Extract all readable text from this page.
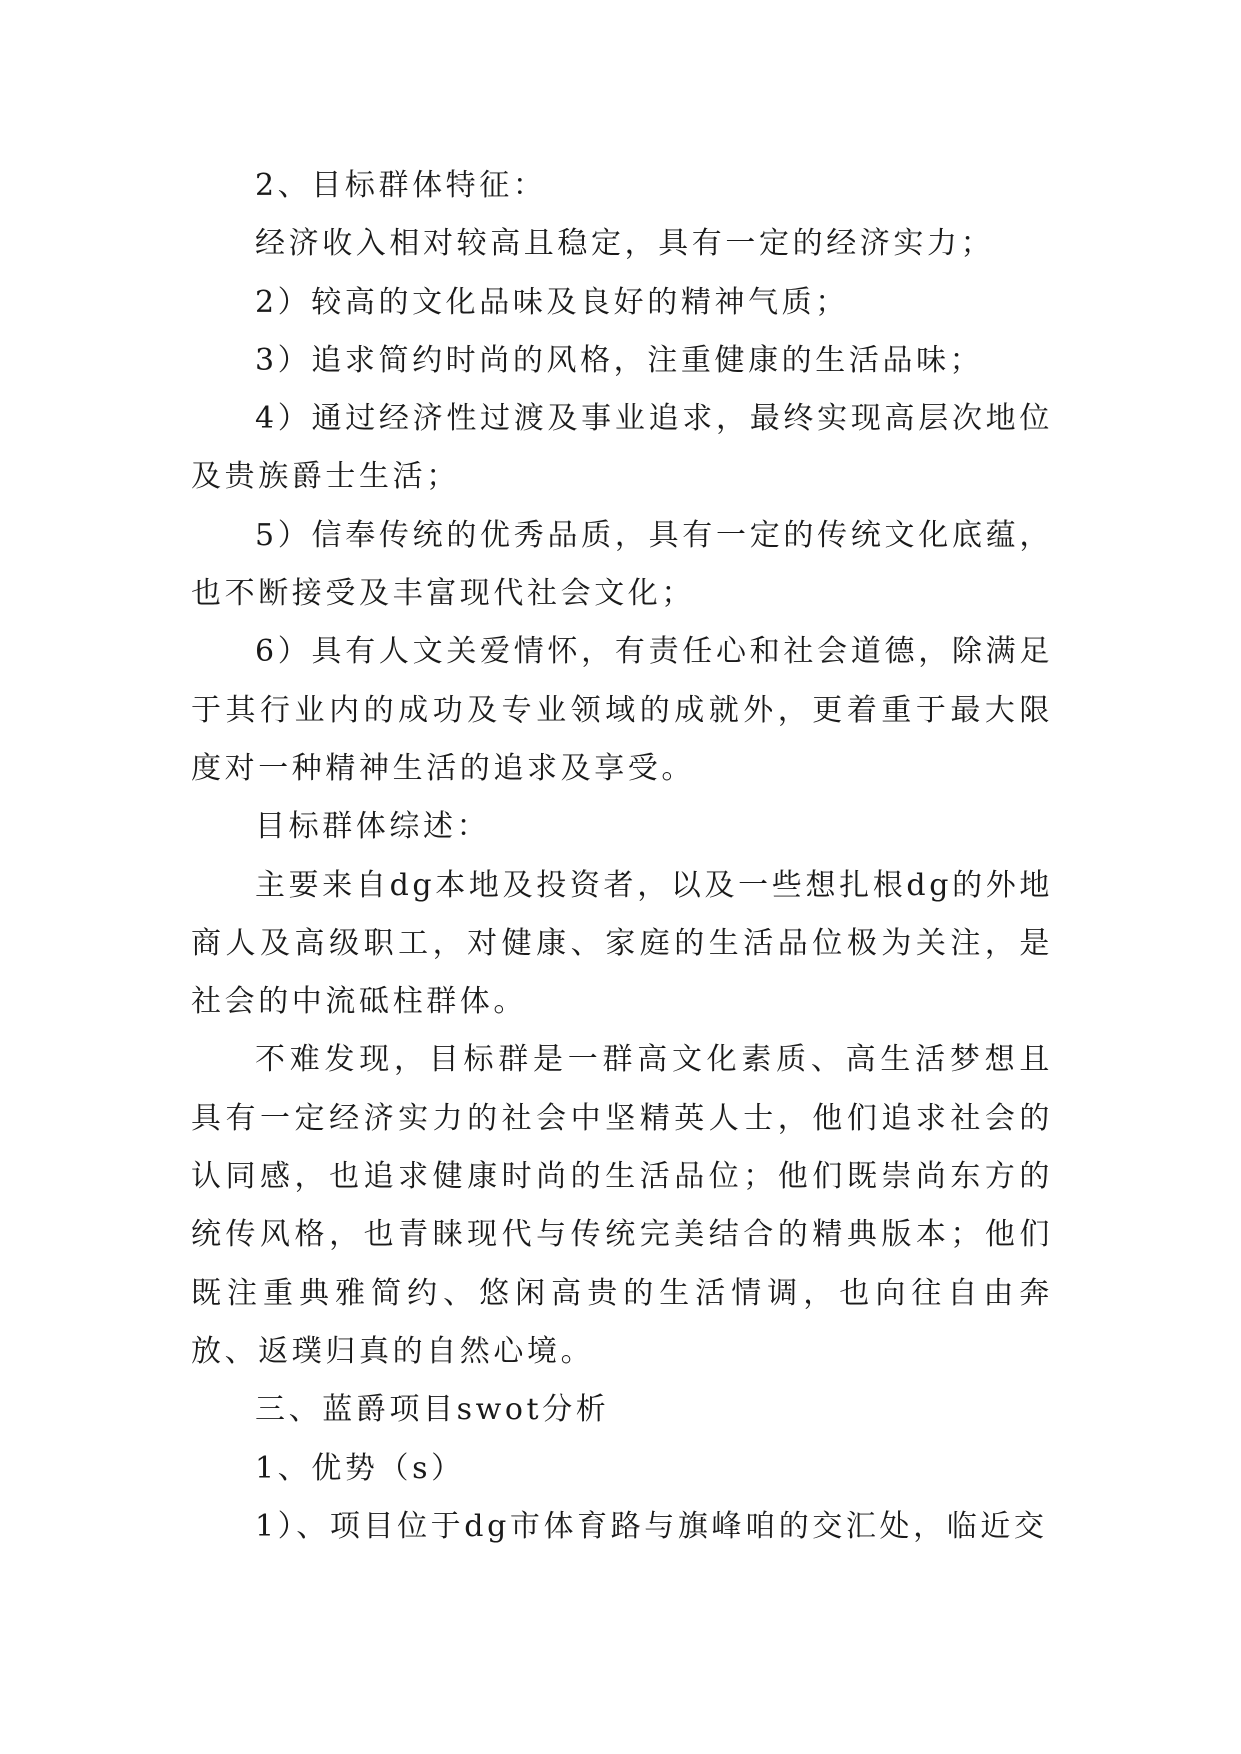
2、目标群体特征：

经济收入相对较高且稳定，具有一定的经济实力；

2）较高的文化品味及良好的精神气质；

3）追求简约时尚的风格，注重健康的生活品味；

4）通过经济性过渡及事业追求，最终实现高层次地位及贵族爵士生活；

5）信奉传统的优秀品质，具有一定的传统文化底蕴，也不断接受及丰富现代社会文化；

6）具有人文关爱情怀，有责任心和社会道德，除满足于其行业内的成功及专业领域的成就外，更着重于最大限度对一种精神生活的追求及享受。

目标群体综述：

主要来自dg本地及投资者，以及一些想扎根dg的外地商人及高级职工，对健康、家庭的生活品位极为关注，是社会的中流砥柱群体。

不难发现，目标群是一群高文化素质、高生活梦想且具有一定经济实力的社会中坚精英人士，他们追求社会的认同感，也追求健康时尚的生活品位；他们既崇尚东方的统传风格，也青睐现代与传统完美结合的精典版本；他们既注重典雅简约、悠闲高贵的生活情调，也向往自由奔放、返璞归真的自然心境。

三、蓝爵项目swot分析

1、优势（s）

1）、项目位于dg市体育路与旗峰咱的交汇处，临近交
